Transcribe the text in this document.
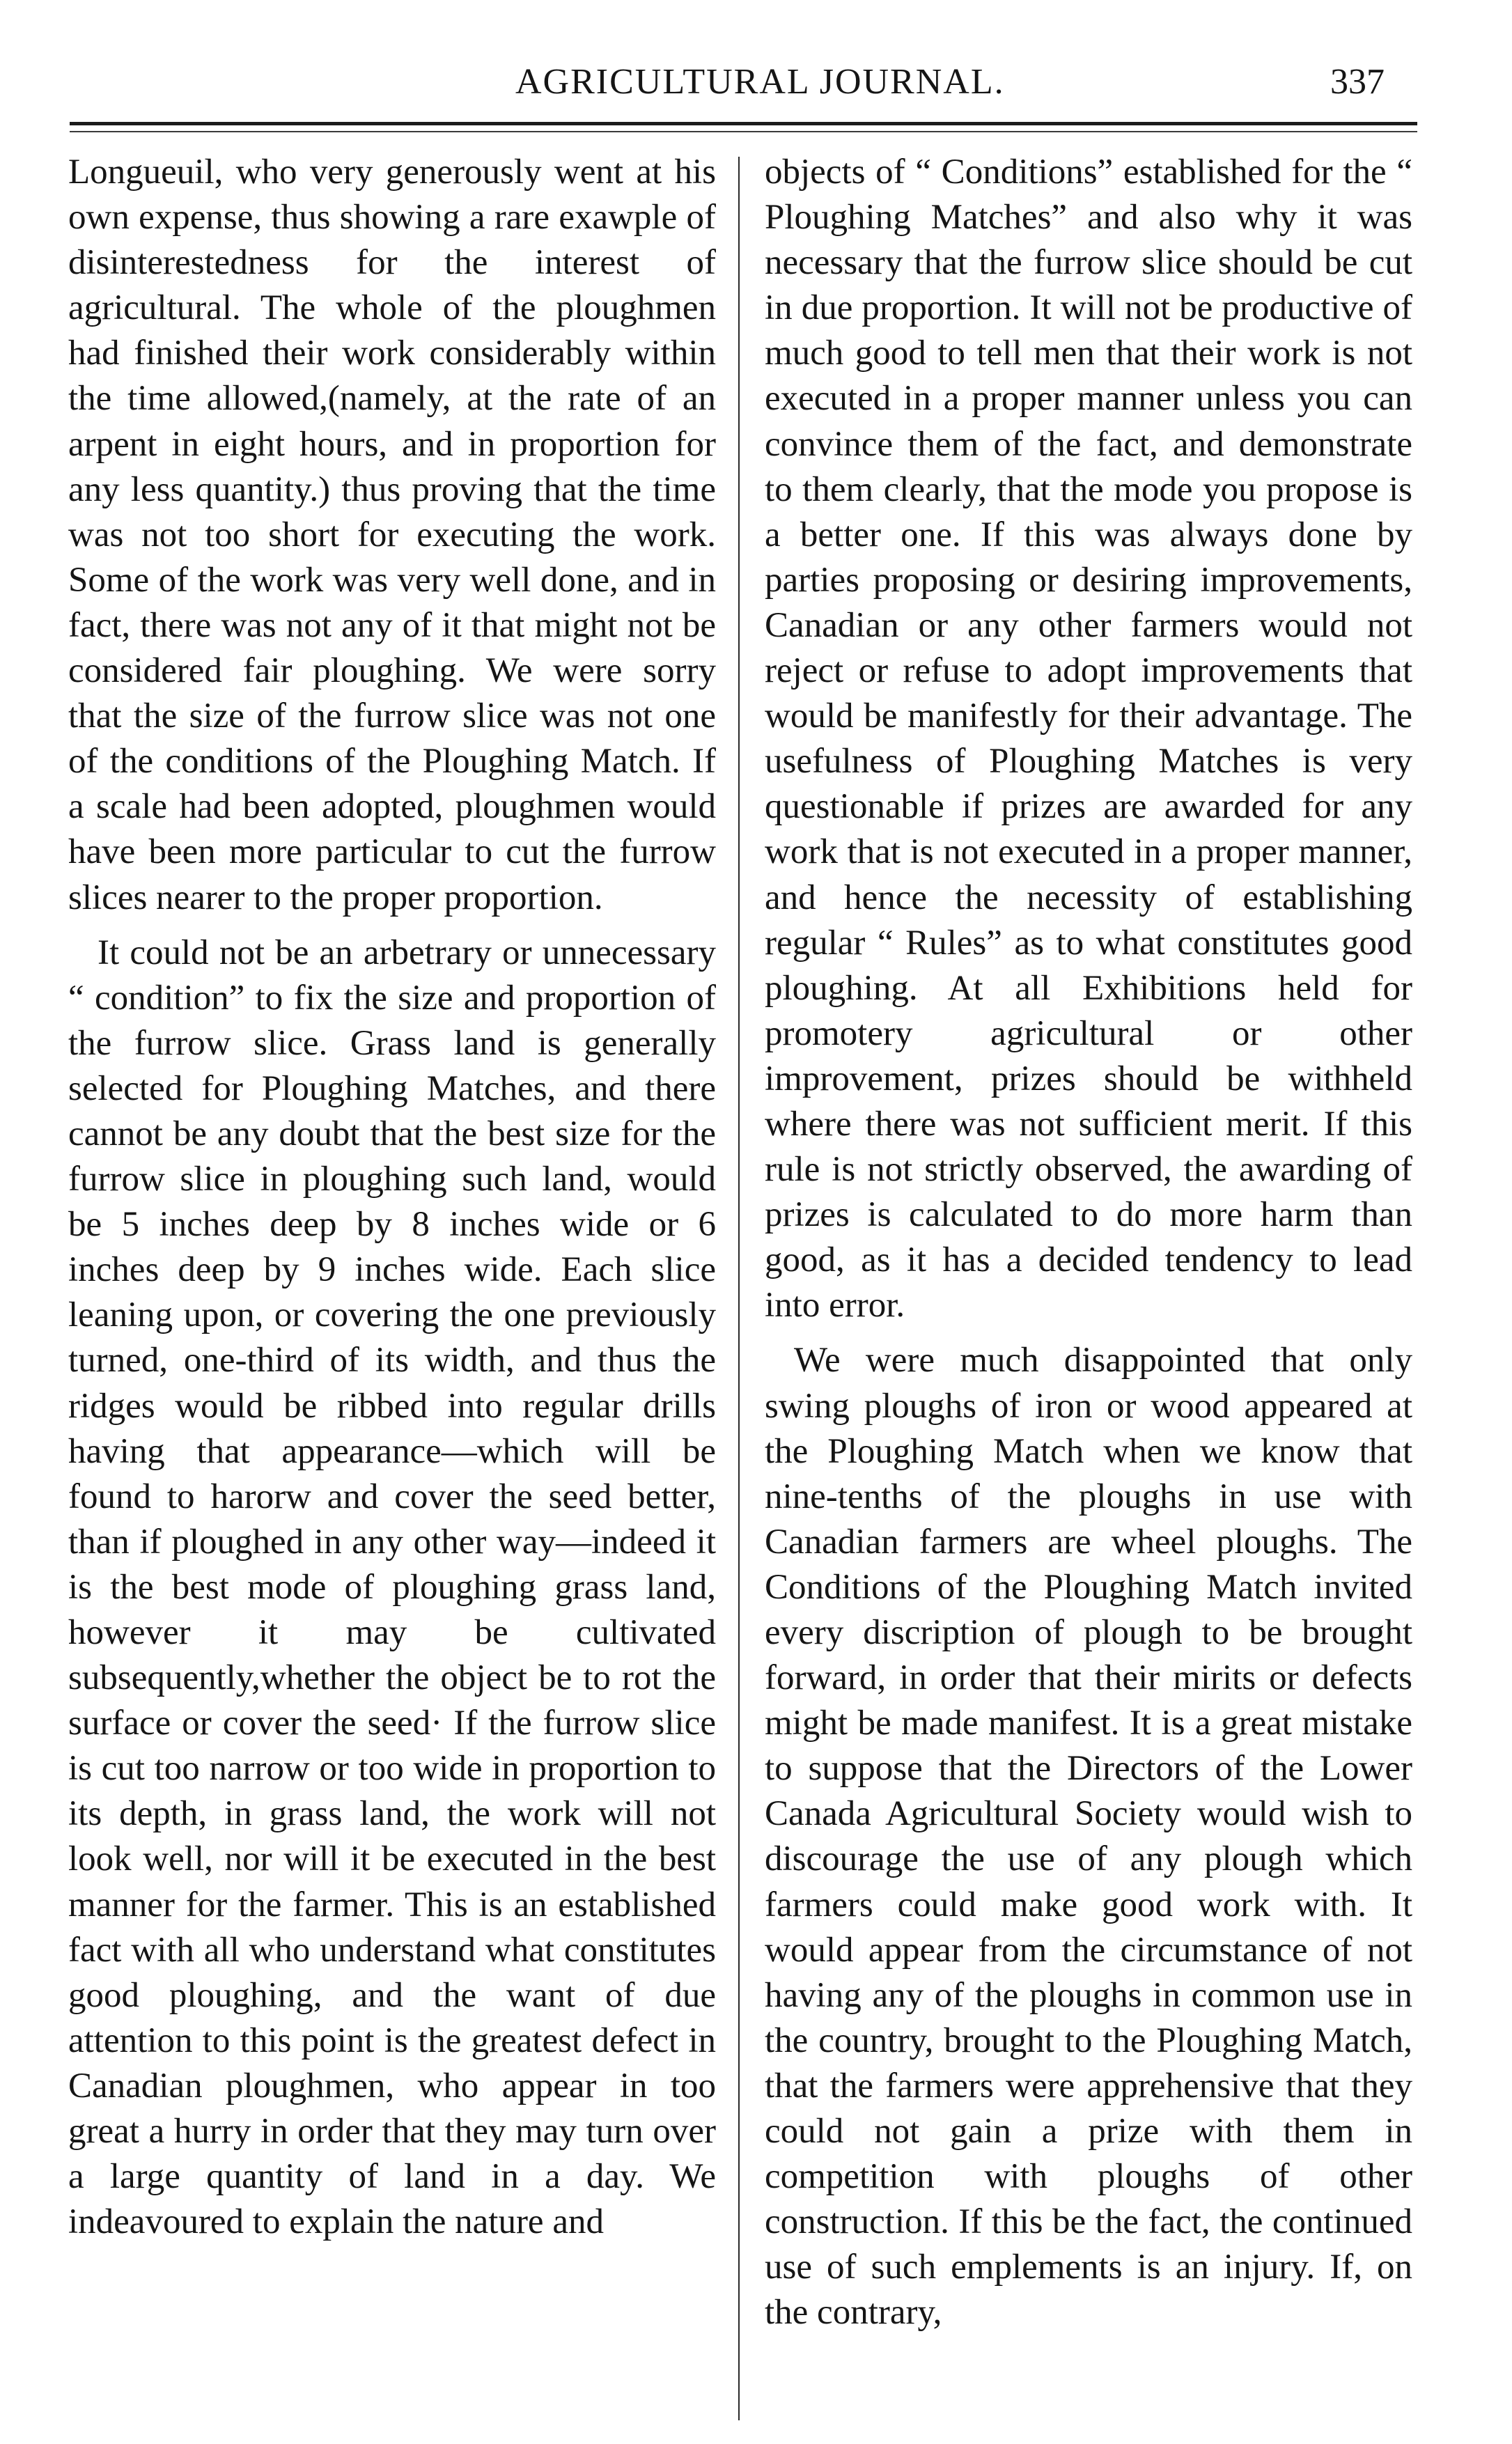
AGRICULTURAL JOURNAL.	337

Longueuil, who very generously went at his own expense, thus showing a rare exawple of disinterestedness for the interest of agricultural. The whole of the ploughmen had finished their work considerably within the time allowed,(namely, at the rate of an arpent in eight hours, and in proportion for any less quantity.) thus proving that the time was not too short for executing the work. Some of the work was very well done, and in fact, there was not any of it that might not be considered fair ploughing. We were sorry that the size of the furrow slice was not one of the conditions of the Ploughing Match. If a scale had been adopted, ploughmen would have been more particular to cut the furrow slices nearer to the proper proportion.

It could not be an arbetrary or unnecessary “ condition” to fix the size and proportion of the furrow slice. Grass land is generally selected for Ploughing Matches, and there cannot be any doubt that the best size for the furrow slice in ploughing such land, would be 5 inches deep by 8 inches wide or 6 inches deep by 9 inches wide. Each slice leaning upon, or covering the one previously turned, one-third of its width, and thus the ridges would be ribbed into regular drills having that appearance—which will be found to harorw and cover the seed better, than if ploughed in any other way—indeed it is the best mode of ploughing grass land, however it may be cultivated subsequently,whether the object be to rot the surface or cover the seed· If the furrow slice is cut too narrow or too wide in proportion to its depth, in grass land, the work will not look well, nor will it be executed in the best manner for the farmer. This is an established fact with all who understand what constitutes good ploughing, and the want of due attention to this point is the greatest defect in Canadian ploughmen, who appear in too great a hurry in order that they may turn over a large quantity of land in a day. We indeavoured to explain the nature and

objects of “ Conditions” established for the “ Ploughing Matches” and also why it was necessary that the furrow slice should be cut in due proportion. It will not be productive of much good to tell men that their work is not executed in a proper manner unless you can convince them of the fact, and demonstrate to them clearly, that the mode you propose is a better one. If this was always done by parties proposing or desiring improvements, Canadian or any other farmers would not reject or refuse to adopt improvements that would be manifestly for their advantage. The usefulness of Ploughing Matches is very questionable if prizes are awarded for any work that is not executed in a proper manner, and hence the necessity of establishing regular “ Rules” as to what constitutes good ploughing. At all Exhibitions held for promotery agricultural or other improvement, prizes should be withheld where there was not sufficient merit. If this rule is not strictly observed, the awarding of prizes is calculated to do more harm than good, as it has a decided tendency to lead into error.

We were much disappointed that only swing ploughs of iron or wood appeared at the Ploughing Match when we know that nine-tenths of the ploughs in use with Canadian farmers are wheel ploughs. The Conditions of the Ploughing Match invited every discription of plough to be brought forward, in order that their mirits or defects might be made manifest. It is a great mistake to suppose that the Directors of the Lower Canada Agricultural Society would wish to discourage the use of any plough which farmers could make good work with. It would appear from the circumstance of not having any of the ploughs in common use in the country, brought to the Ploughing Match, that the farmers were apprehensive that they could not gain a prize with them in competition with ploughs of other construction. If this be the fact, the continued use of such emplements is an injury. If, on the contrary,
